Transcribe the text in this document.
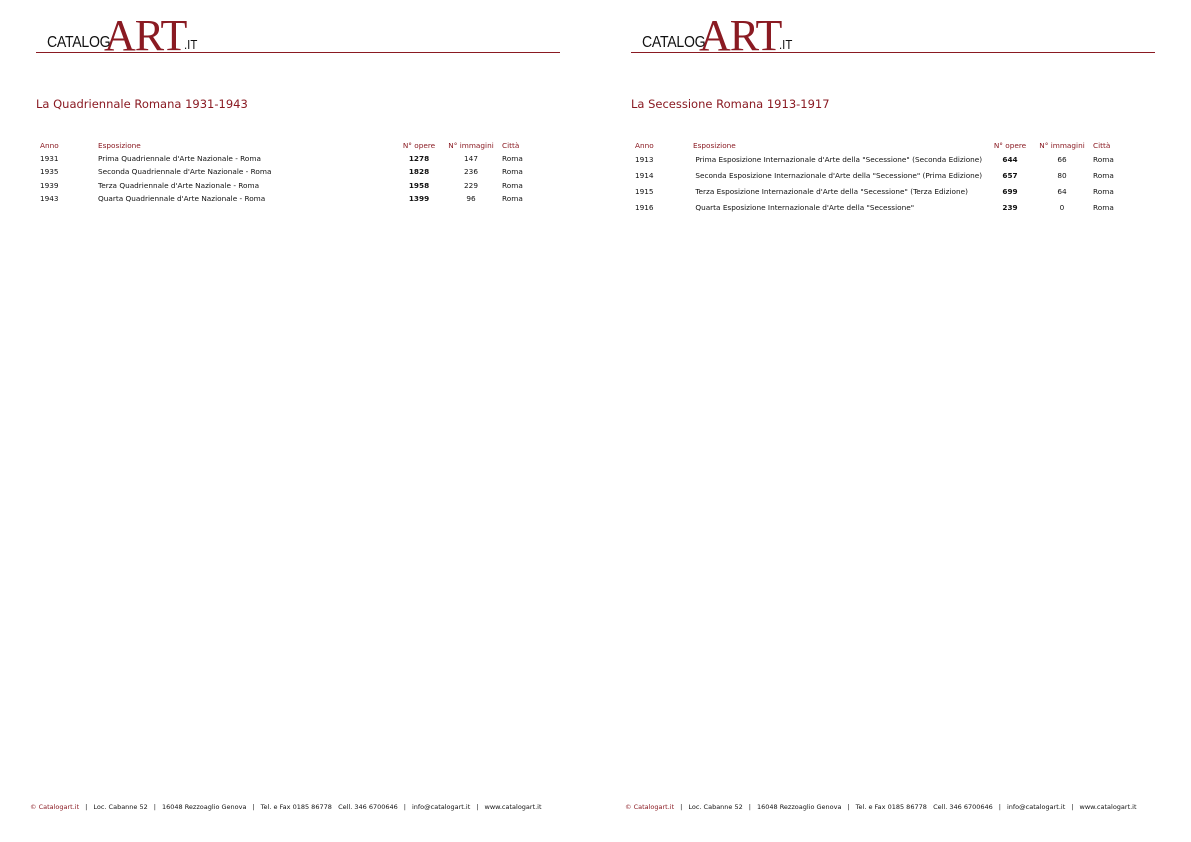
CATALOG
ART
.IT
La Quadriennale Romana 1931-1943
Anno	Esposizione	N° opere	N° immagini	Città
1931	Prima Quadriennale d'Arte Nazionale - Roma	1278	147	Roma
1935	Seconda Quadriennale d'Arte Nazionale - Roma	1828	236	Roma
1939	Terza Quadriennale d'Arte Nazionale - Roma	1958	229	Roma
1943	Quarta Quadriennale d'Arte Nazionale - Roma	1399	96	Roma
© Catalogart.it | Loc. Cabanne 52 | 16048 Rezzoaglio Genova | Tel. e Fax 0185 86778   Cell. 346 6700646 | info@catalogart.it | www.catalogart.it
CATALOG
ART
.IT
La Secessione Romana 1913-1917
Anno	Esposizione	N° opere	N° immagini	Città
1913	Prima Esposizione Internazionale d'Arte della "Secessione" (Seconda Edizione)	644	66	Roma
1914	Seconda Esposizione Internazionale d'Arte della "Secessione" (Prima Edizione)	657	80	Roma
1915	Terza Esposizione Internazionale d'Arte della "Secessione" (Terza Edizione)	699	64	Roma
1916	Quarta Esposizione Internazionale d'Arte della "Secessione"	239	0	Roma
© Catalogart.it | Loc. Cabanne 52 | 16048 Rezzoaglio Genova | Tel. e Fax 0185 86778   Cell. 346 6700646 | info@catalogart.it | www.catalogart.it
